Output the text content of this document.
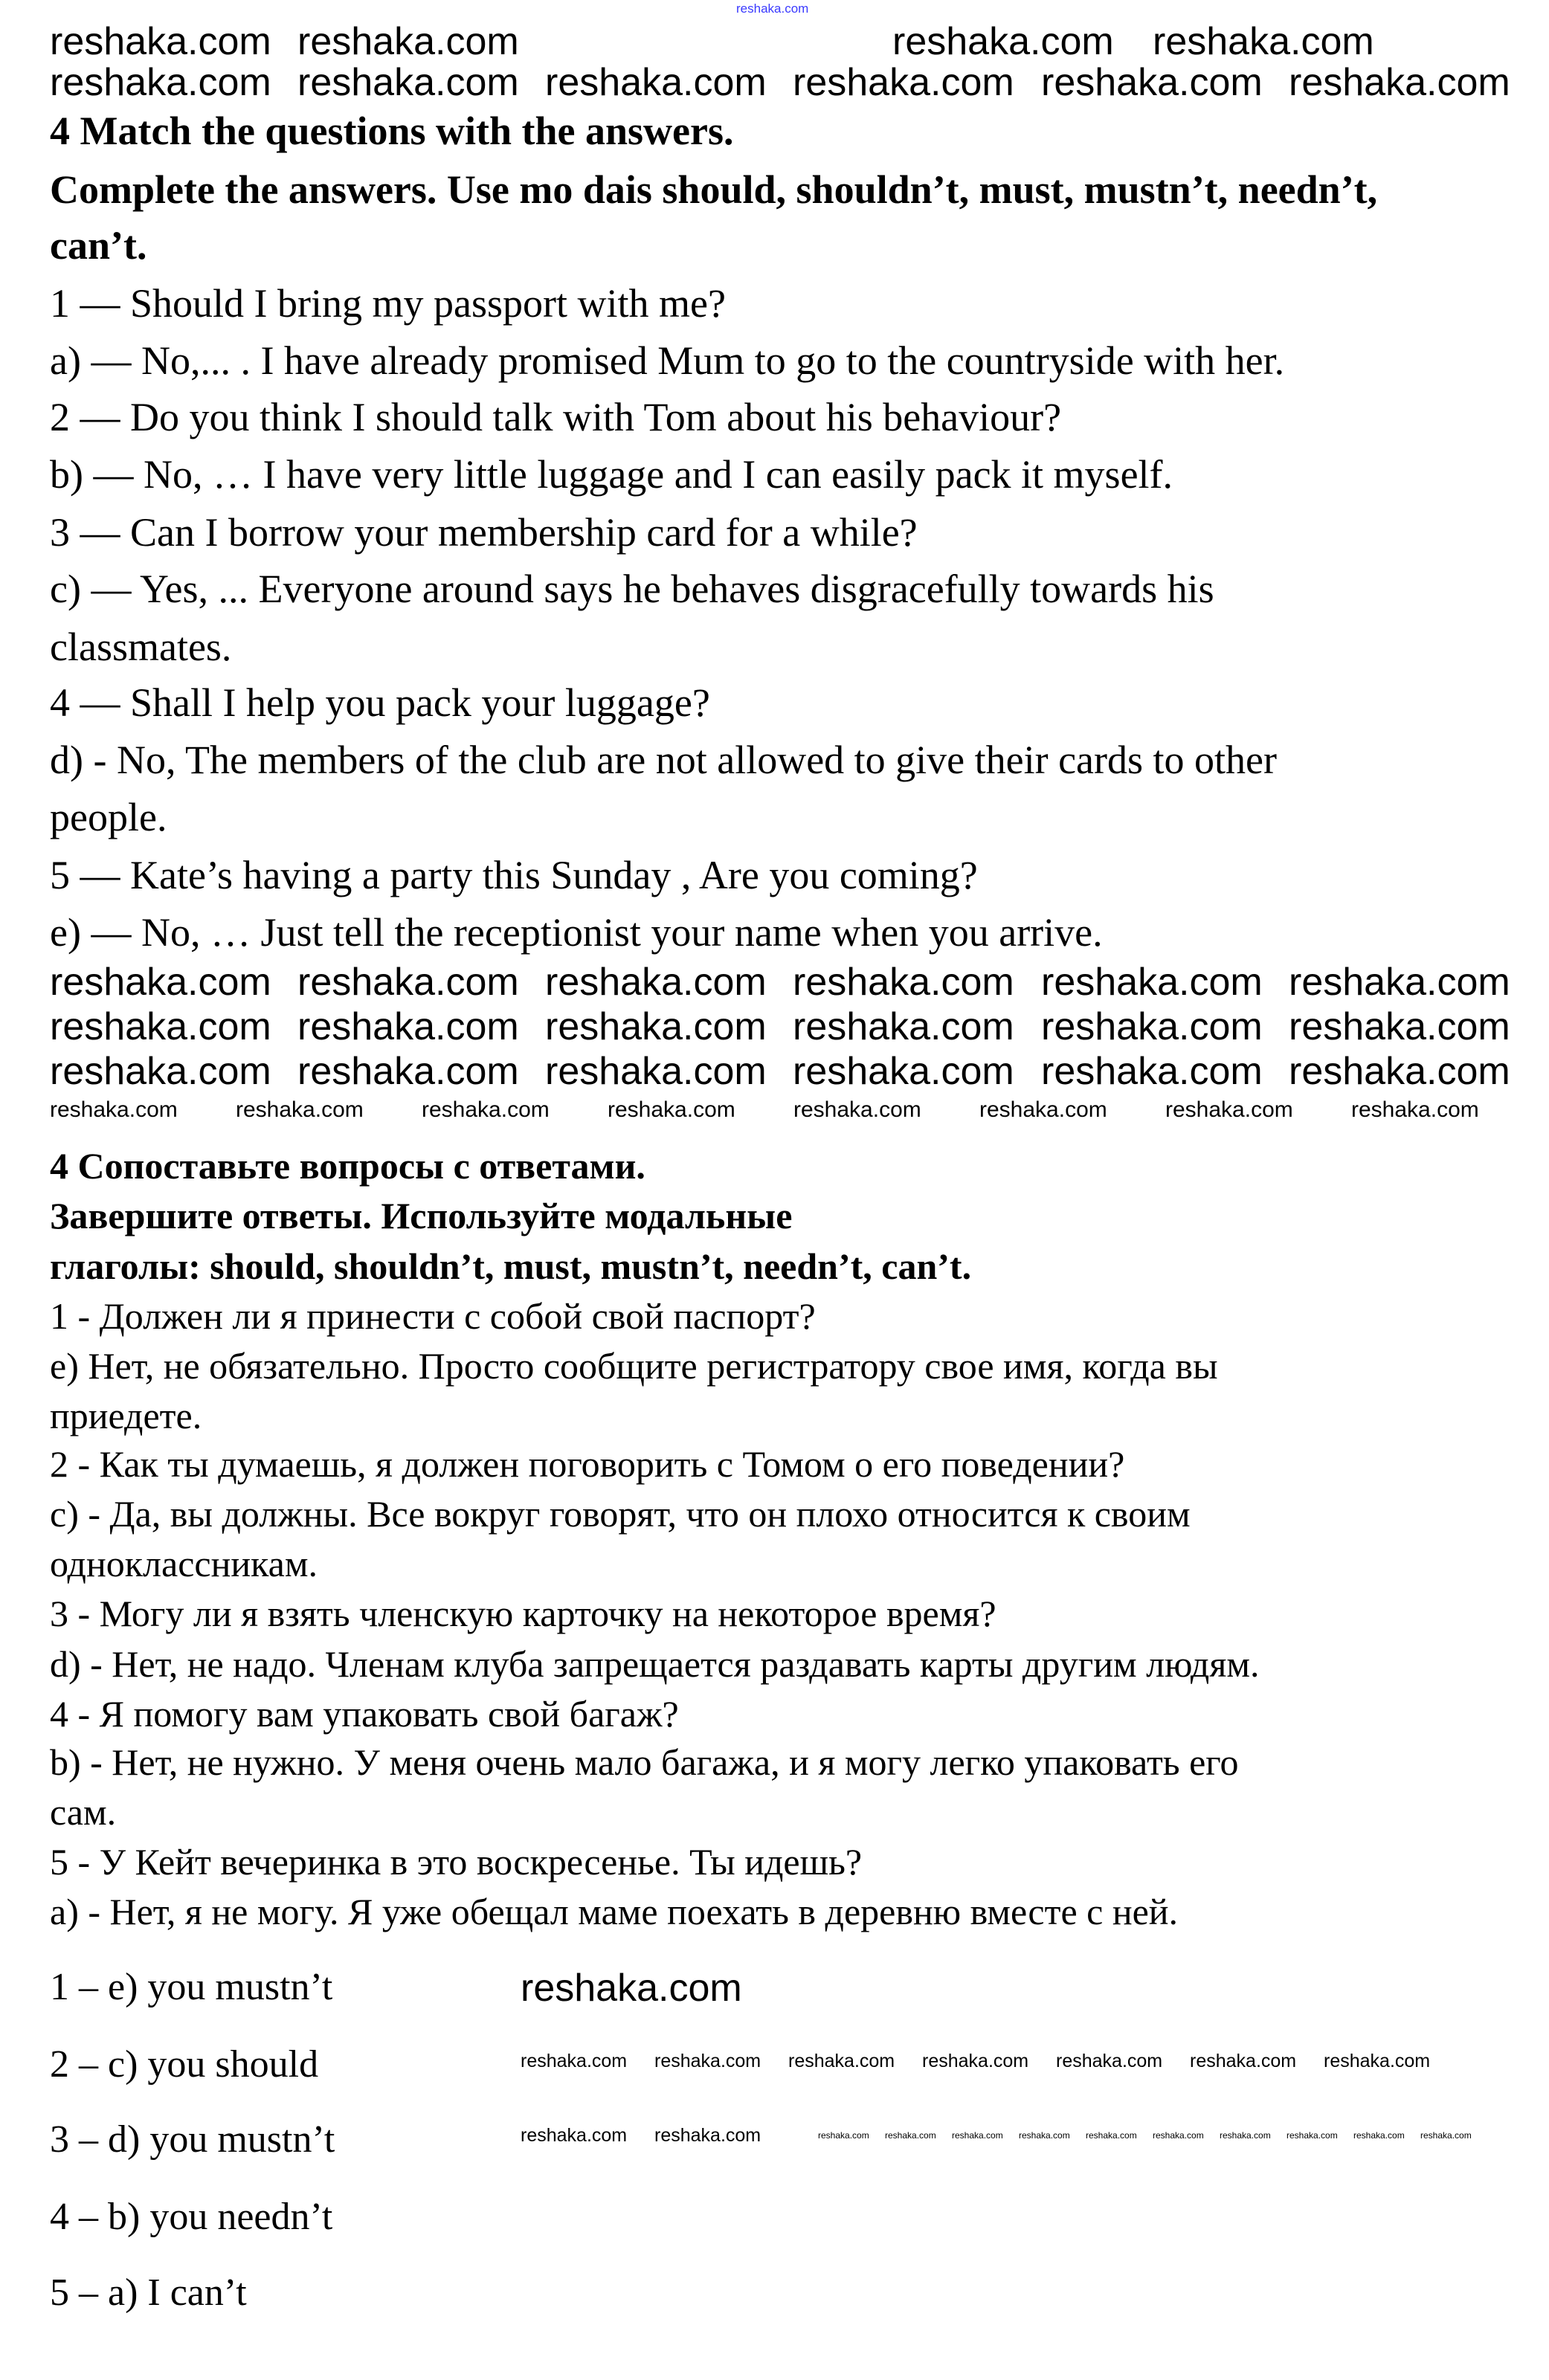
reshaka.com
4 Match the questions with the answers.
Complete the answers. Use mo dais should, shouldn’t, must, mustn’t, needn’t,
can’t.
1 — Should I bring my passport with me?
a) — No,... . I have already promised Mum to go to the countryside with her.
2 — Do you think I should talk with Tom about his behaviour?
b) — No, … I have very little luggage and I can easily pack it myself.
3 — Can I borrow your membership card for a while?
c) — Yes, ... Everyone around says he behaves disgracefully towards his
classmates.
4 — Shall I help you pack your luggage?
d) - No, The members of the club are not allowed to give their cards to other
people.
5 — Kate’s having a party this Sunday , Are you coming?
e) — No, … Just tell the receptionist your name when you arrive.
4 Сопоставьте вопросы с ответами.
Завершите ответы. Используйте модальные
глаголы: should, shouldn’t, must, mustn’t, needn’t, can’t.
1 - Должен ли я принести с собой свой паспорт?
e) Нет, не обязательно. Просто сообщите регистратору свое имя, когда вы
приедете.
2 - Как ты думаешь, я должен поговорить с Томом о его поведении?
c) - Да, вы должны. Все вокруг говорят, что он плохо относится к своим
одноклассникам.
3 - Могу ли я взять членскую карточку на некоторое время?
d) - Нет, не надо. Членам клуба запрещается раздавать карты другим людям.
4 - Я помогу вам упаковать свой багаж?
b) - Нет, не нужно. У меня очень мало багажа, и я могу легко упаковать его
сам.
5 - У Кейт вечеринка в это воскресенье. Ты идешь?
a) - Нет, я не могу. Я уже обещал маме поехать в деревню вместе с ней.
1 – e) you mustn’t
2 – c) you should
3 – d) you mustn’t
4 – b) you needn’t
5 – a) I can’t
reshaka.com reshaka.com	reshaka.com reshaka.com
reshaka.com reshaka.com reshaka.com reshaka.com reshaka.com reshaka.com
reshaka.com reshaka.com reshaka.com reshaka.com reshaka.com reshaka.com
reshaka.com reshaka.com reshaka.com reshaka.com reshaka.com reshaka.com
reshaka.com reshaka.com reshaka.com reshaka.com reshaka.com reshaka.com
reshaka.com	reshaka.com	reshaka.com	reshaka.com	reshaka.com	reshaka.com	reshaka.com	reshaka.com
reshaka.com
reshaka.com reshaka.com reshaka.com reshaka.com reshaka.com reshaka.com reshaka.com
reshaka.com reshaka.com	reshaka.com reshaka.com reshaka.com reshaka.com reshaka.com reshaka.com reshaka.com reshaka.com reshaka.com reshaka.com
